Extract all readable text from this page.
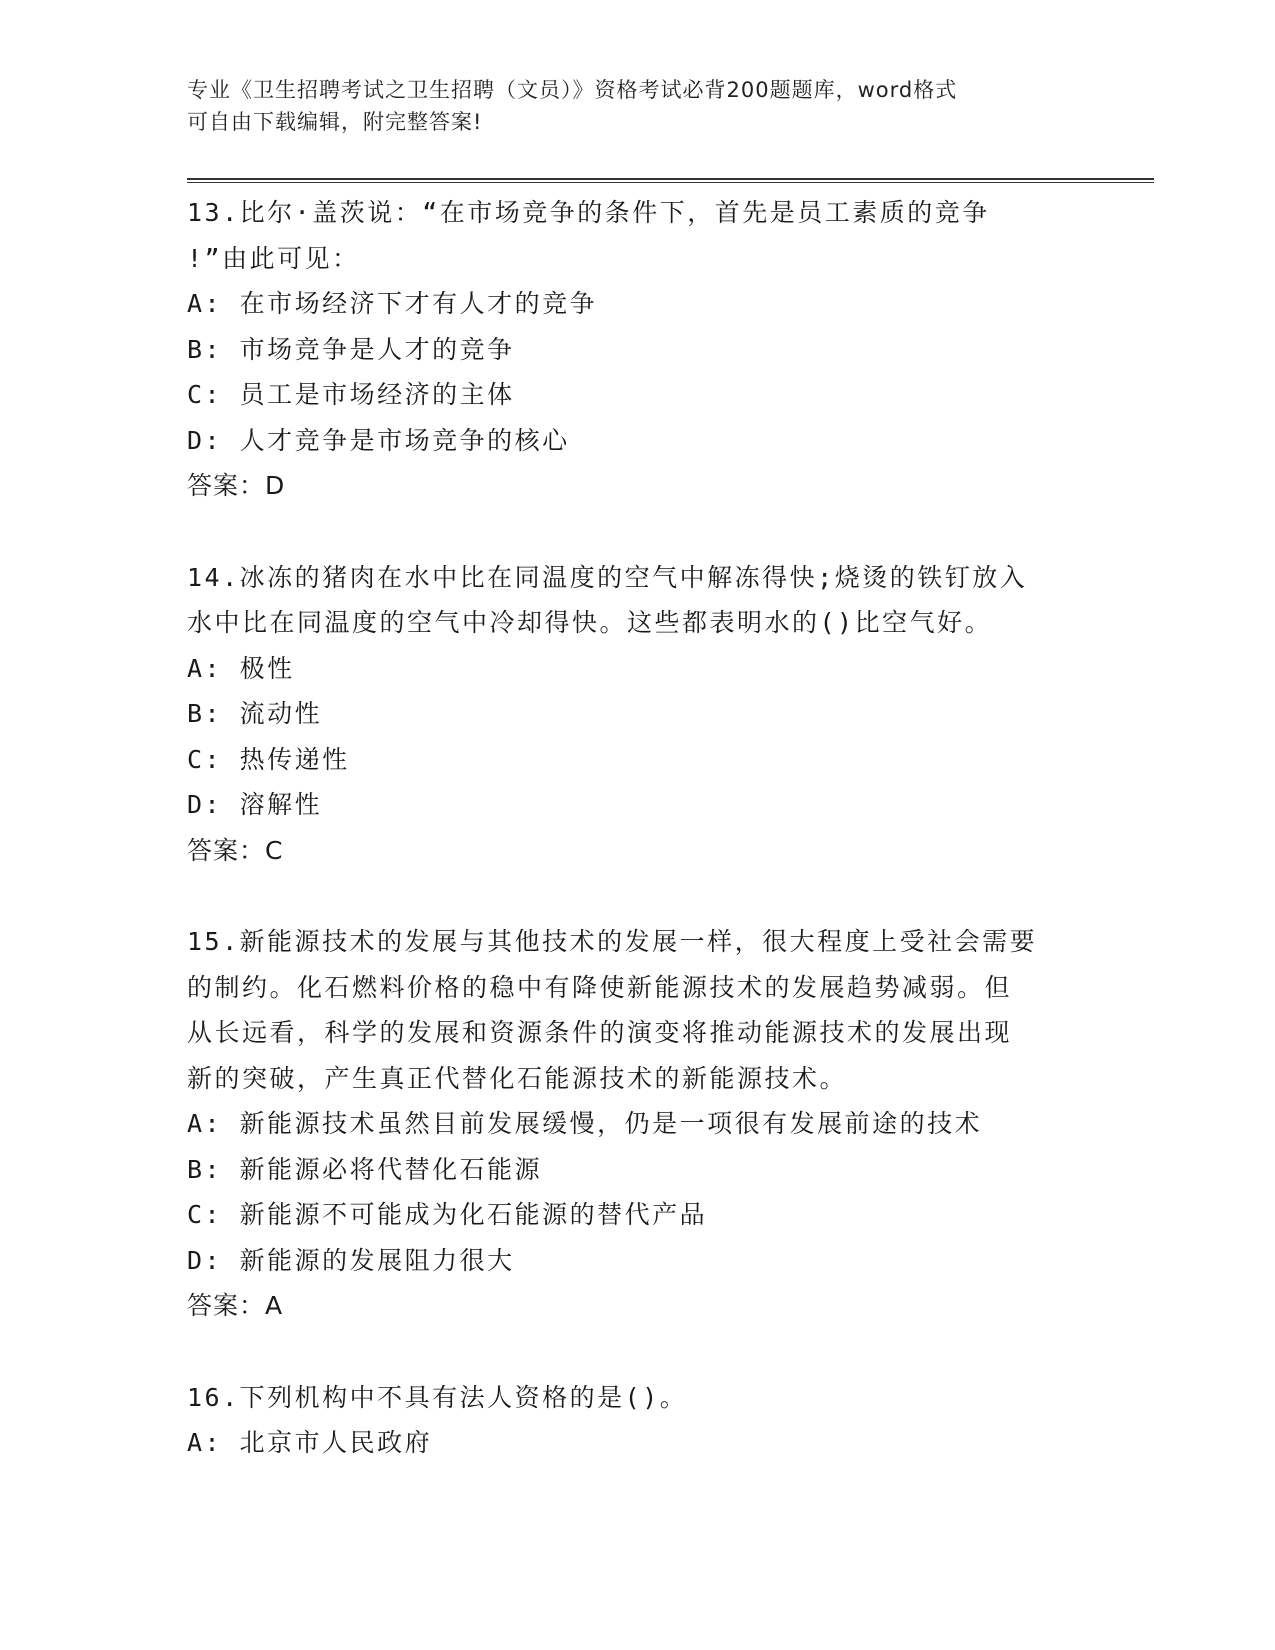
专业《卫生招聘考试之卫生招聘（文员）》资格考试必背200题题库，word格式

可自由下载编辑，附完整答案!

13.比尔·盖茨说：“在市场竞争的条件下，首先是员工素质的竞争

!”由此可见：

A: 在市场经济下才有人才的竞争

B: 市场竞争是人才的竞争

C: 员工是市场经济的主体

D: 人才竞争是市场竞争的核心

答案：D

14.冰冻的猪肉在水中比在同温度的空气中解冻得快;烧烫的铁钉放入

水中比在同温度的空气中冷却得快。这些都表明水的()比空气好。

A: 极性

B: 流动性

C: 热传递性

D: 溶解性

答案：C

15.新能源技术的发展与其他技术的发展一样，很大程度上受社会需要

的制约。化石燃料价格的稳中有降使新能源技术的发展趋势减弱。但

从长远看，科学的发展和资源条件的演变将推动能源技术的发展出现

新的突破，产生真正代替化石能源技术的新能源技术。

A: 新能源技术虽然目前发展缓慢，仍是一项很有发展前途的技术

B: 新能源必将代替化石能源

C: 新能源不可能成为化石能源的替代产品

D: 新能源的发展阻力很大

答案：A

16.下列机构中不具有法人资格的是()。

A: 北京市人民政府
